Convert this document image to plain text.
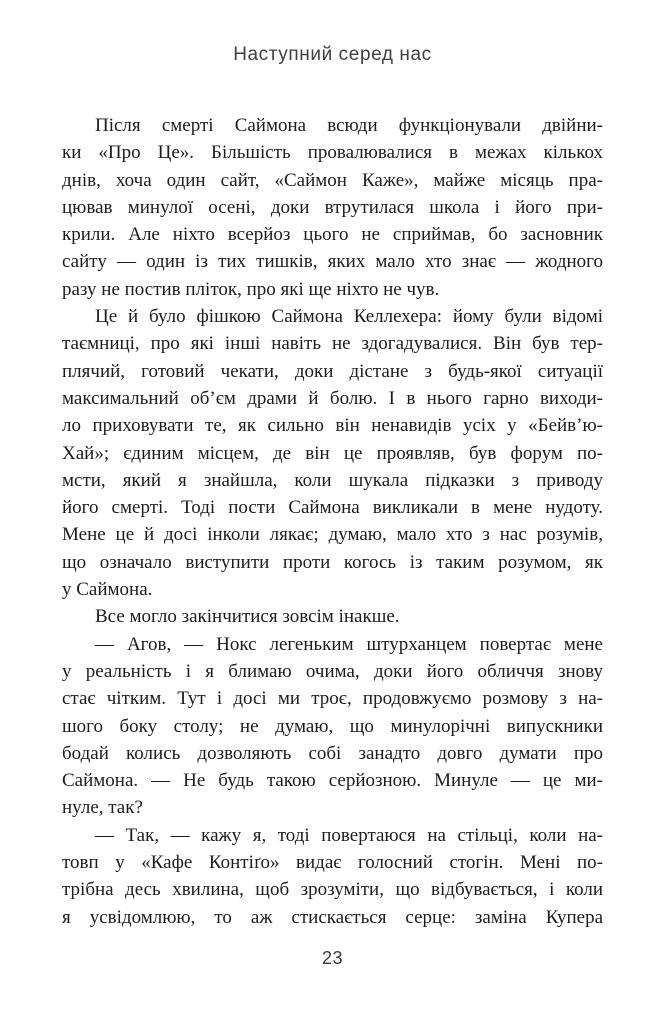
Наступний серед нас

Після смерті Саймона всюди функціонували двійни-
ки «Про Це». Більшість провалювалися в межах кількох
днів, хоча один сайт, «Саймон Каже», майже місяць пра-
цював минулої осені, доки втрутилася школа і його при-
крили. Але ніхто всерйоз цього не сприймав, бо засновник
сайту — один із тих тишків, яких мало хто знає — жодного
разу не постив пліток, про які ще ніхто не чув.

Це й було фішкою Саймона Келлехера: йому були відомі
таємниці, про які інші навіть не здогадувалися. Він був тер-
плячий, готовий чекати, доки дістане з будь-якої ситуації
максимальний об’єм драми й болю. І в нього гарно виходи-
ло приховувати те, як сильно він ненавидів усіх у «Бейв’ю-
Хай»; єдиним місцем, де він це проявляв, був форум по-
мсти, який я знайшла, коли шукала підказки з приводу
його смерті. Тоді пости Саймона викликали в мене нудоту.
Мене це й досі інколи лякає; думаю, мало хто з нас розумів,
що означало виступити проти когось із таким розумом, як
у Саймона.

Все могло закінчитися зовсім інакше.

— Агов, — Нокс легеньким штурханцем повертає мене
у реальність і я блимаю очима, доки його обличчя знову
стає чітким. Тут і досі ми троє, продовжуємо розмову з на-
шого боку столу; не думаю, що минулорічні випускники
бодай колись дозволяють собі занадто довго думати про
Саймона. — Не будь такою серйозною. Минуле — це ми-
нуле, так?

— Так, — кажу я, тоді повертаюся на стільці, коли на-
товп у «Кафе Контіґо» видає голосний стогін. Мені по-
трібна десь хвилина, щоб зрозуміти, що відбувається, і коли
я усвідомлюю, то аж стискається серце: заміна Купера

23
